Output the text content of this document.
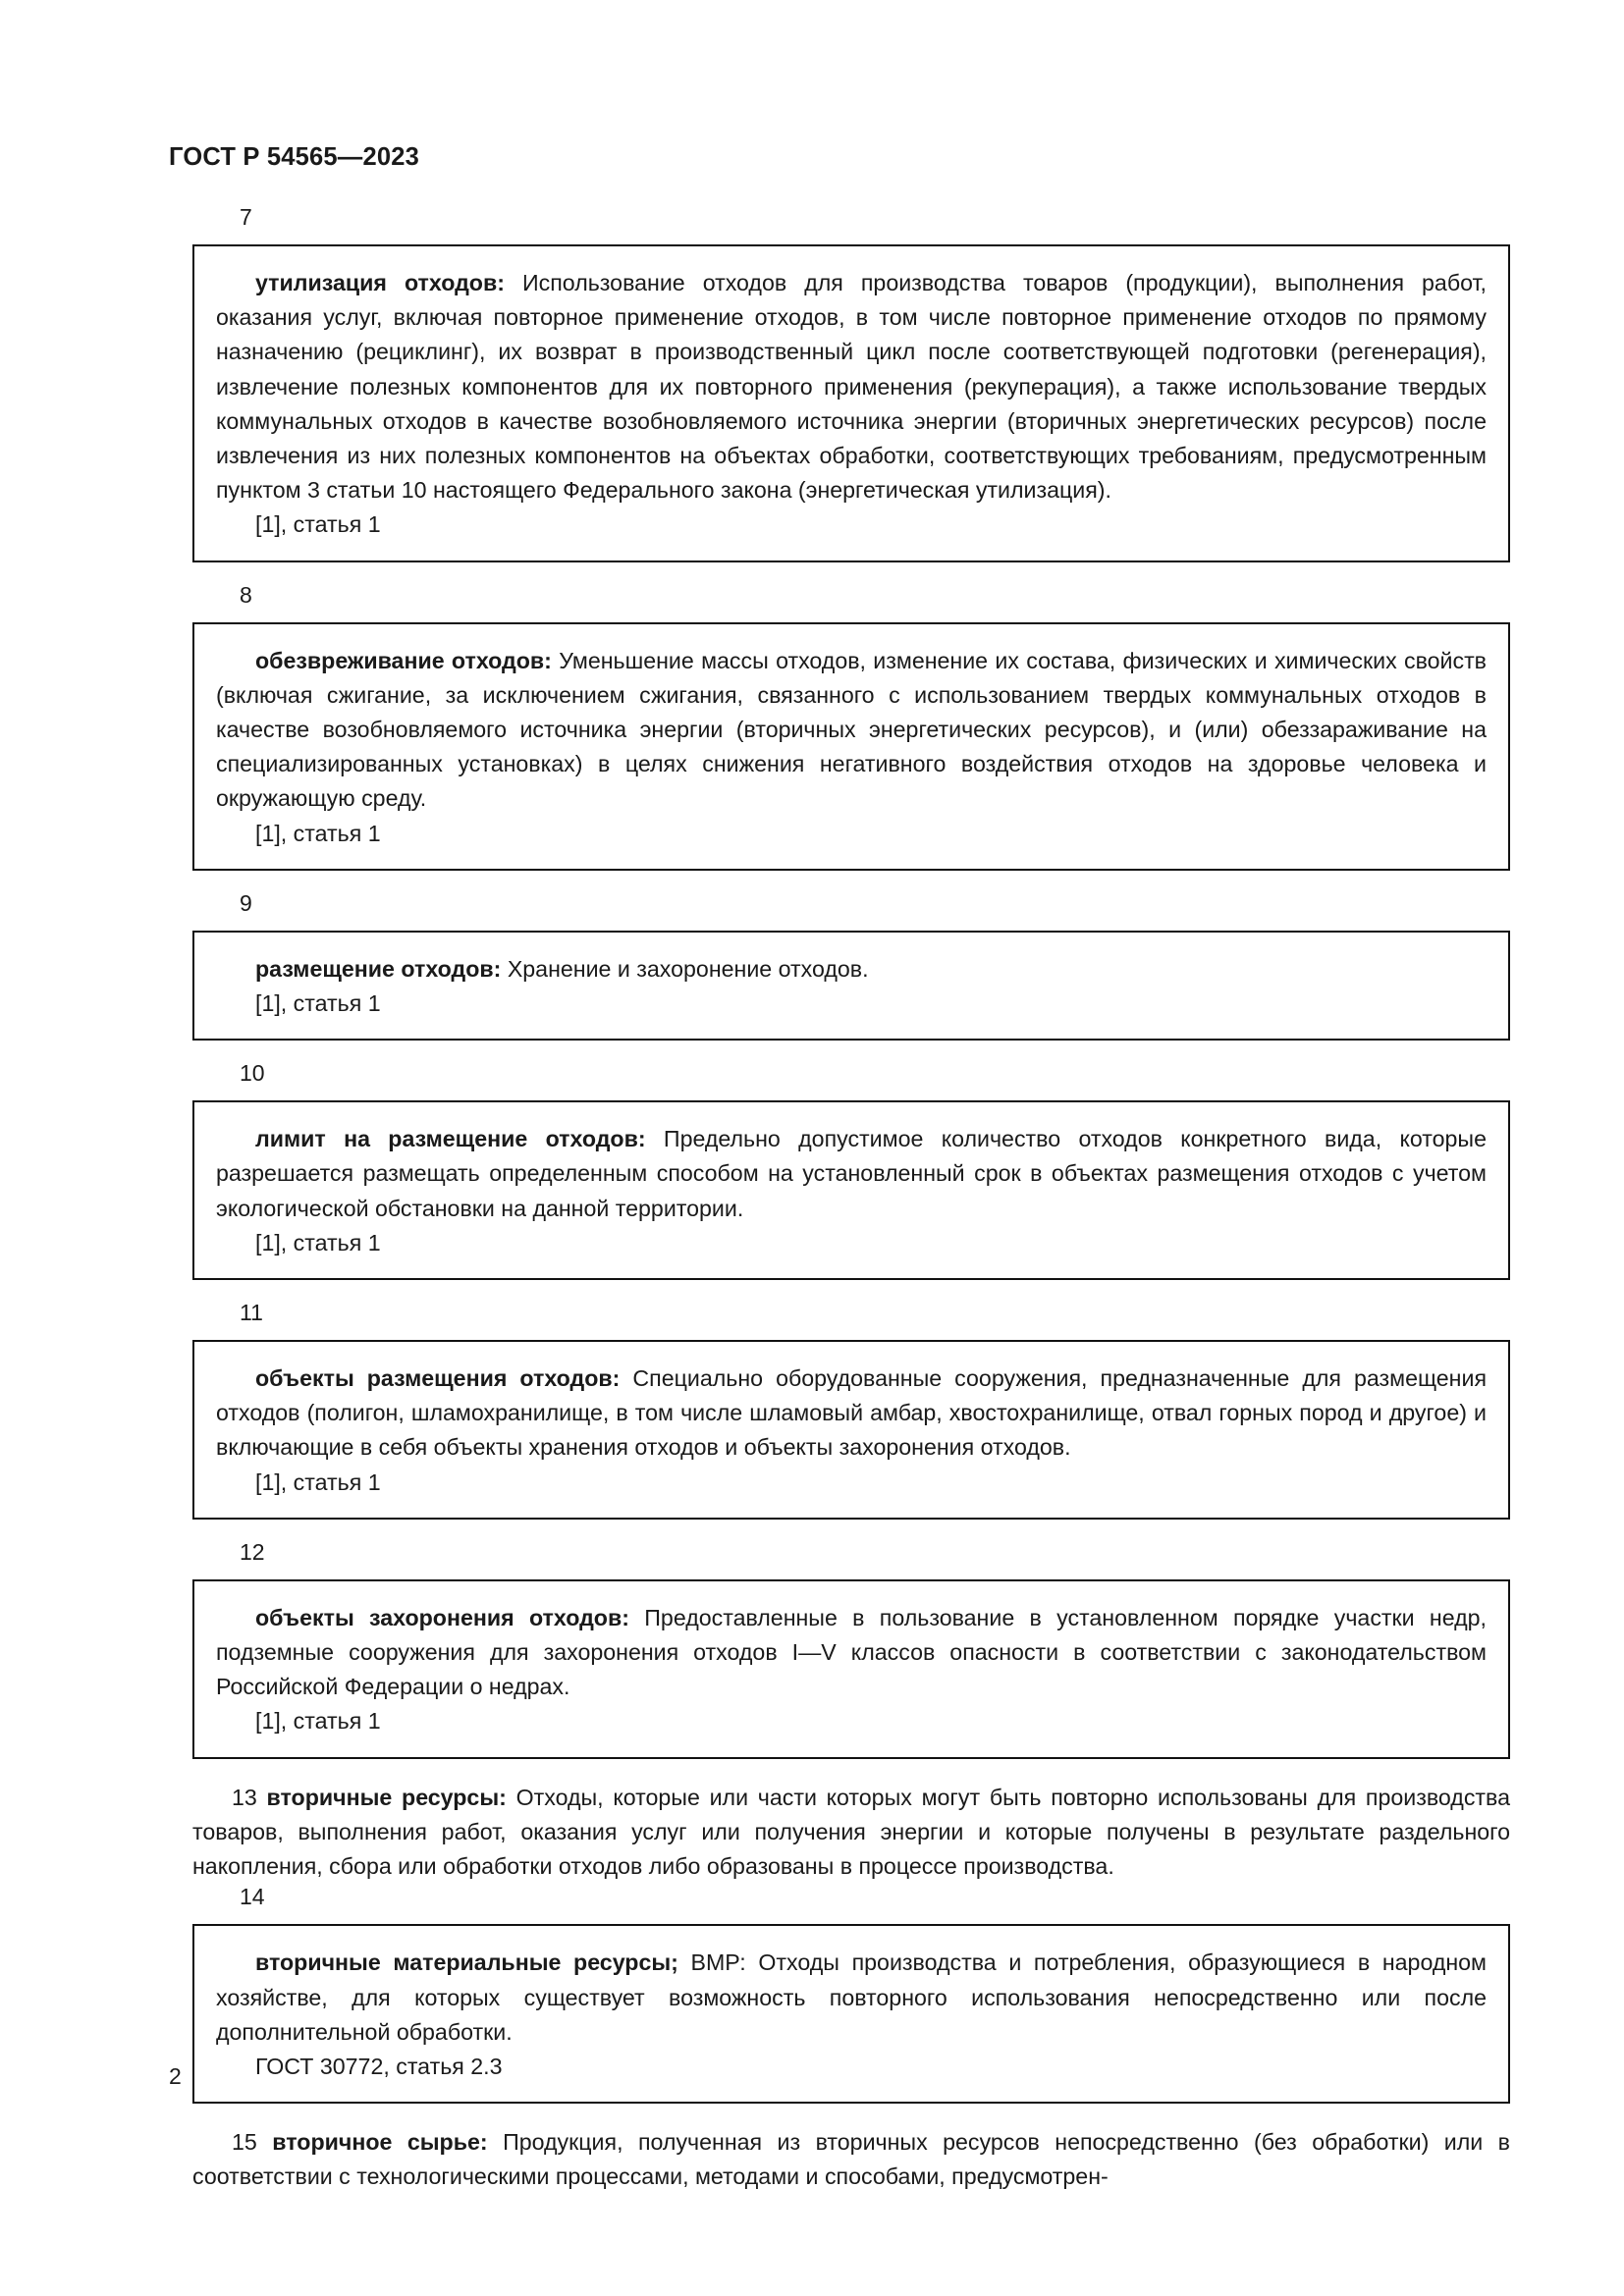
ГОСТ Р 54565—2023
7

утилизация отходов: Использование отходов для производства товаров (продукции), выполнения работ, оказания услуг, включая повторное применение отходов, в том числе повторное применение отходов по прямому назначению (рециклинг), их возврат в производственный цикл после соответствующей подготовки (регенерация), извлечение полезных компонентов для их повторного применения (рекуперация), а также использование твердых коммунальных отходов в качестве возобновляемого источника энергии (вторичных энергетических ресурсов) после извлечения из них полезных компонентов на объектах обработки, соответствующих требованиям, предусмотренным пунктом 3 статьи 10 настоящего Федерального закона (энергетическая утилизация).

[1], статья 1

8

обезвреживание отходов: Уменьшение массы отходов, изменение их состава, физических и химических свойств (включая сжигание, за исключением сжигания, связанного с использованием твердых коммунальных отходов в качестве возобновляемого источника энергии (вторичных энергетических ресурсов), и (или) обеззараживание на специализированных установках) в целях снижения негативного воздействия отходов на здоровье человека и окружающую среду.

[1], статья 1

9

размещение отходов: Хранение и захоронение отходов.

[1], статья 1

10

лимит на размещение отходов: Предельно допустимое количество отходов конкретного вида, которые разрешается размещать определенным способом на установленный срок в объектах размещения отходов с учетом экологической обстановки на данной территории.

[1], статья 1

11

объекты размещения отходов: Специально оборудованные сооружения, предназначенные для размещения отходов (полигон, шламохранилище, в том числе шламовый амбар, хвостохранилище, отвал горных пород и другое) и включающие в себя объекты хранения отходов и объекты захоронения отходов.

[1], статья 1

12

объекты захоронения отходов: Предоставленные в пользование в установленном порядке участки недр, подземные сооружения для захоронения отходов I—V классов опасности в соответствии с законодательством Российской Федерации о недрах.

[1], статья 1

13 вторичные ресурсы: Отходы, которые или части которых могут быть повторно использованы для производства товаров, выполнения работ, оказания услуг или получения энергии и которые получены в результате раздельного накопления, сбора или обработки отходов либо образованы в процессе производства.

14

вторичные материальные ресурсы; ВМР: Отходы производства и потребления, образующиеся в народном хозяйстве, для которых существует возможность повторного использования непосредственно или после дополнительной обработки.

ГОСТ 30772, статья 2.3

15 вторичное сырье: Продукция, полученная из вторичных ресурсов непосредственно (без обработки) или в соответствии с технологическими процессами, методами и способами, предусмотрен-

2
